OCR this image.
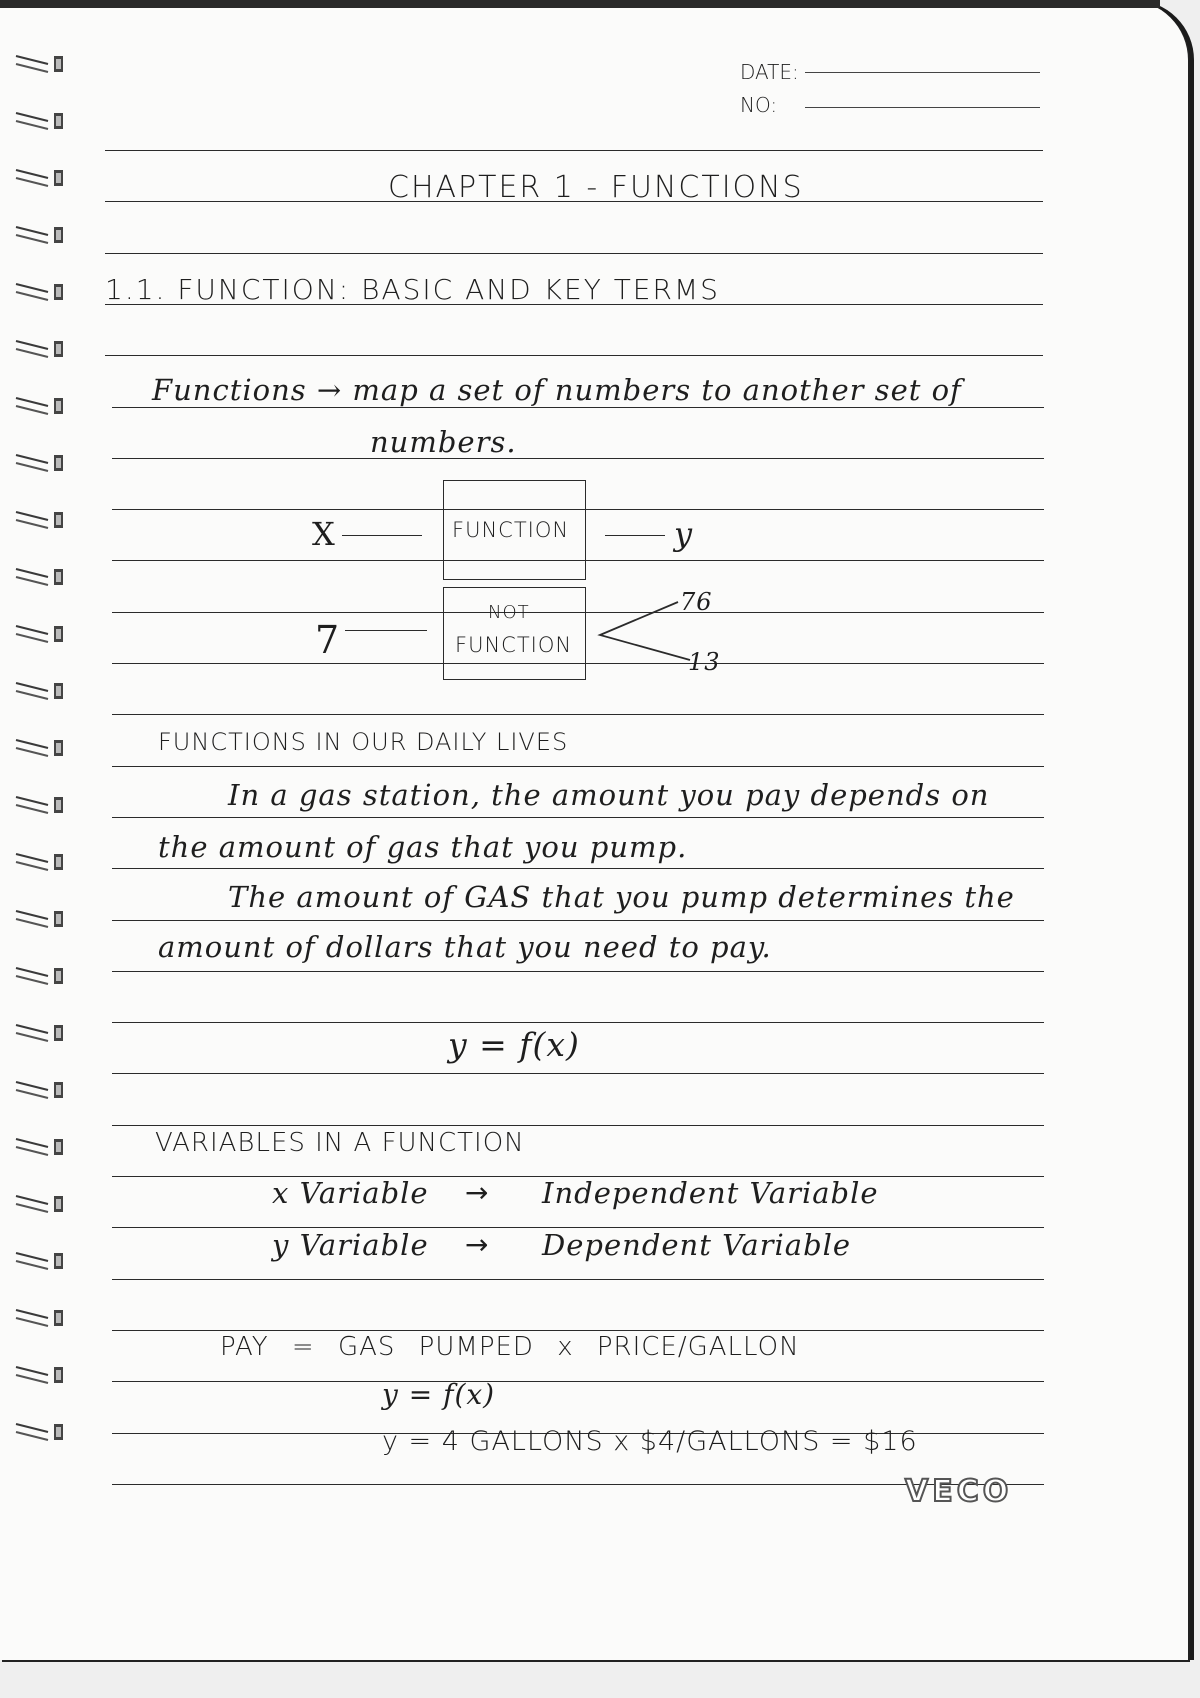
DATE:
NO:
CHAPTER 1 - FUNCTIONS
1.1. FUNCTION: BASIC AND KEY TERMS
Functions → map a set of numbers to another set of
numbers.
X	FUNCTION	y
7
NOT
FUNCTION
76
13
FUNCTIONS IN OUR DAILY LIVES
In a gas station, the amount you pay depends on
the amount of gas that you pump.
The amount of GAS that you pump determines the
amount of dollars that you need to pay.
y = f(x)
VARIABLES IN A FUNCTION
x Variable → Independent Variable
y Variable → Dependent Variable
PAY = GAS PUMPED x PRICE/GALLON
y = f(x)
y = 4 GALLONS x $4/GALLONS = $16
VECO
